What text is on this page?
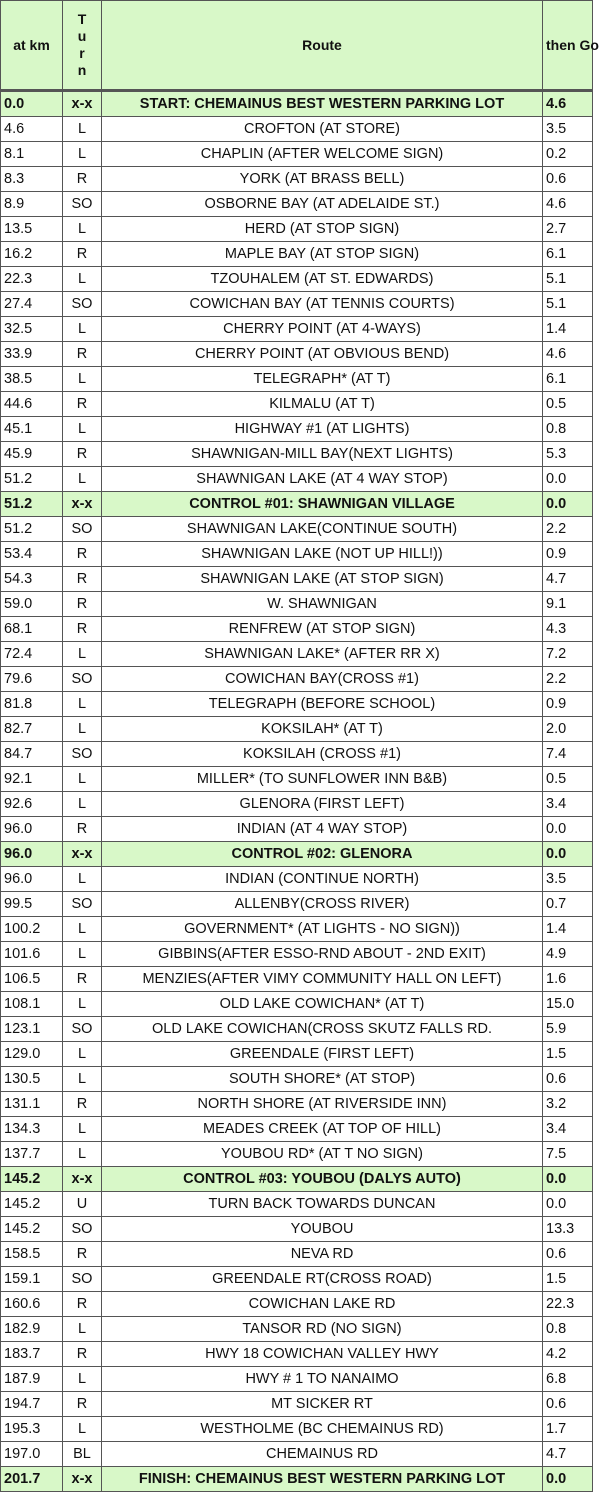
at km	T
u
r
n	Route	then Go
0.0	x-x	START: CHEMAINUS BEST WESTERN PARKING LOT	4.6
4.6	L	CROFTON (AT STORE)	3.5
8.1	L	CHAPLIN (AFTER WELCOME SIGN)	0.2
8.3	R	YORK (AT BRASS BELL)	0.6
8.9	SO	OSBORNE BAY (AT ADELAIDE ST.)	4.6
13.5	L	HERD (AT STOP SIGN)	2.7
16.2	R	MAPLE BAY (AT STOP SIGN)	6.1
22.3	L	TZOUHALEM (AT ST. EDWARDS)	5.1
27.4	SO	COWICHAN BAY (AT TENNIS COURTS)	5.1
32.5	L	CHERRY POINT (AT 4-WAYS)	1.4
33.9	R	CHERRY POINT (AT OBVIOUS BEND)	4.6
38.5	L	TELEGRAPH* (AT T)	6.1
44.6	R	KILMALU (AT T)	0.5
45.1	L	HIGHWAY #1 (AT LIGHTS)	0.8
45.9	R	SHAWNIGAN-MILL BAY(NEXT LIGHTS)	5.3
51.2	L	SHAWNIGAN LAKE (AT 4 WAY STOP)	0.0
51.2	x-x	CONTROL #01: SHAWNIGAN VILLAGE	0.0
51.2	SO	SHAWNIGAN LAKE(CONTINUE SOUTH)	2.2
53.4	R	SHAWNIGAN LAKE (NOT UP HILL!))	0.9
54.3	R	SHAWNIGAN LAKE (AT STOP SIGN)	4.7
59.0	R	W. SHAWNIGAN	9.1
68.1	R	RENFREW (AT STOP SIGN)	4.3
72.4	L	SHAWNIGAN LAKE* (AFTER RR X)	7.2
79.6	SO	COWICHAN BAY(CROSS #1)	2.2
81.8	L	TELEGRAPH (BEFORE SCHOOL)	0.9
82.7	L	KOKSILAH* (AT T)	2.0
84.7	SO	KOKSILAH (CROSS #1)	7.4
92.1	L	MILLER* (TO SUNFLOWER INN B&B)	0.5
92.6	L	GLENORA (FIRST LEFT)	3.4
96.0	R	INDIAN (AT 4 WAY STOP)	0.0
96.0	x-x	CONTROL #02: GLENORA	0.0
96.0	L	INDIAN (CONTINUE NORTH)	3.5
99.5	SO	ALLENBY(CROSS RIVER)	0.7
100.2	L	GOVERNMENT* (AT LIGHTS - NO SIGN))	1.4
101.6	L	GIBBINS(AFTER ESSO-RND ABOUT - 2ND EXIT)	4.9
106.5	R	MENZIES(AFTER VIMY COMMUNITY HALL ON LEFT)	1.6
108.1	L	OLD LAKE COWICHAN* (AT T)	15.0
123.1	SO	OLD LAKE COWICHAN(CROSS SKUTZ FALLS RD.	5.9
129.0	L	GREENDALE (FIRST LEFT)	1.5
130.5	L	SOUTH SHORE* (AT STOP)	0.6
131.1	R	NORTH SHORE (AT RIVERSIDE INN)	3.2
134.3	L	MEADES CREEK (AT TOP OF HILL)	3.4
137.7	L	YOUBOU RD* (AT T NO SIGN)	7.5
145.2	x-x	CONTROL #03: YOUBOU (DALYS AUTO)	0.0
145.2	U	TURN BACK TOWARDS DUNCAN	0.0
145.2	SO	YOUBOU	13.3
158.5	R	NEVA RD	0.6
159.1	SO	GREENDALE RT(CROSS ROAD)	1.5
160.6	R	COWICHAN LAKE RD	22.3
182.9	L	TANSOR RD (NO SIGN)	0.8
183.7	R	HWY 18 COWICHAN VALLEY HWY	4.2
187.9	L	HWY # 1 TO NANAIMO	6.8
194.7	R	MT SICKER RT	0.6
195.3	L	WESTHOLME (BC CHEMAINUS RD)	1.7
197.0	BL	CHEMAINUS RD	4.7
201.7	x-x	FINISH: CHEMAINUS BEST WESTERN PARKING LOT	0.0
